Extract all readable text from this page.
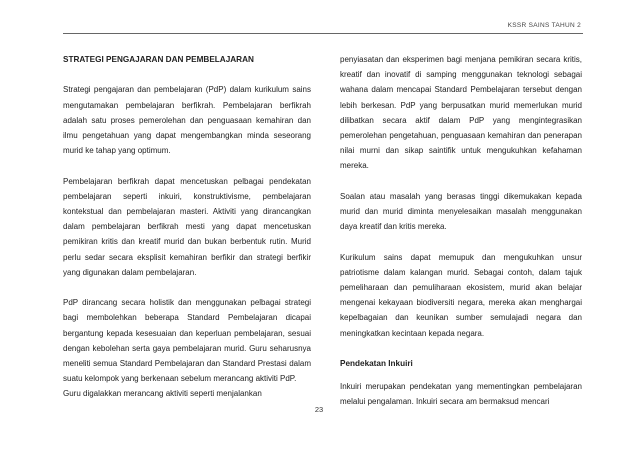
KSSR SAINS TAHUN 2
STRATEGI PENGAJARAN DAN PEMBELAJARAN

Strategi pengajaran dan pembelajaran (PdP) dalam kurikulum sains mengutamakan pembelajaran berfikrah. Pembelajaran berfikrah adalah satu proses pemerolehan dan penguasaan kemahiran dan ilmu pengetahuan yang dapat mengembangkan minda seseorang murid ke tahap yang optimum.

Pembelajaran berfikrah dapat mencetuskan pelbagai pendekatan pembelajaran seperti inkuiri, konstruktivisme, pembelajaran kontekstual dan pembelajaran masteri. Aktiviti yang dirancangkan dalam pembelajaran berfikrah mesti yang dapat mencetuskan pemikiran kritis dan kreatif murid dan bukan berbentuk rutin. Murid perlu sedar secara eksplisit kemahiran berfikir dan strategi berfikir yang digunakan dalam pembelajaran.

PdP dirancang secara holistik dan menggunakan pelbagai strategi bagi membolehkan beberapa Standard Pembelajaran dicapai bergantung kepada kesesuaian dan keperluan pembelajaran, sesuai dengan kebolehan serta gaya pembelajaran murid. Guru seharusnya meneliti semua Standard Pembelajaran dan Standard Prestasi dalam suatu kelompok yang berkenaan sebelum merancang aktiviti PdP.

Guru digalakkan merancang aktiviti seperti menjalankan

penyiasatan dan eksperimen bagi menjana pemikiran secara kritis, kreatif dan inovatif di samping menggunakan teknologi sebagai wahana dalam mencapai Standard Pembelajaran tersebut dengan lebih berkesan. PdP yang berpusatkan murid memerlukan murid dilibatkan secara aktif dalam PdP yang mengintegrasikan pemerolehan pengetahuan, penguasaan kemahiran dan penerapan nilai murni dan sikap saintifik untuk mengukuhkan kefahaman mereka.

Soalan atau masalah yang berasas tinggi dikemukakan kepada murid dan murid diminta menyelesaikan masalah menggunakan daya kreatif dan kritis mereka.

Kurikulum sains dapat memupuk dan mengukuhkan unsur patriotisme dalam kalangan murid. Sebagai contoh, dalam tajuk pemeliharaan dan pemuliharaan ekosistem, murid akan belajar mengenai kekayaan biodiversiti negara, mereka akan menghargai kepelbagaian dan keunikan sumber semulajadi negara dan meningkatkan kecintaan kepada negara.

Pendekatan Inkuiri

Inkuiri merupakan pendekatan yang mementingkan pembelajaran melalui pengalaman. Inkuiri secara am bermaksud mencari

23
